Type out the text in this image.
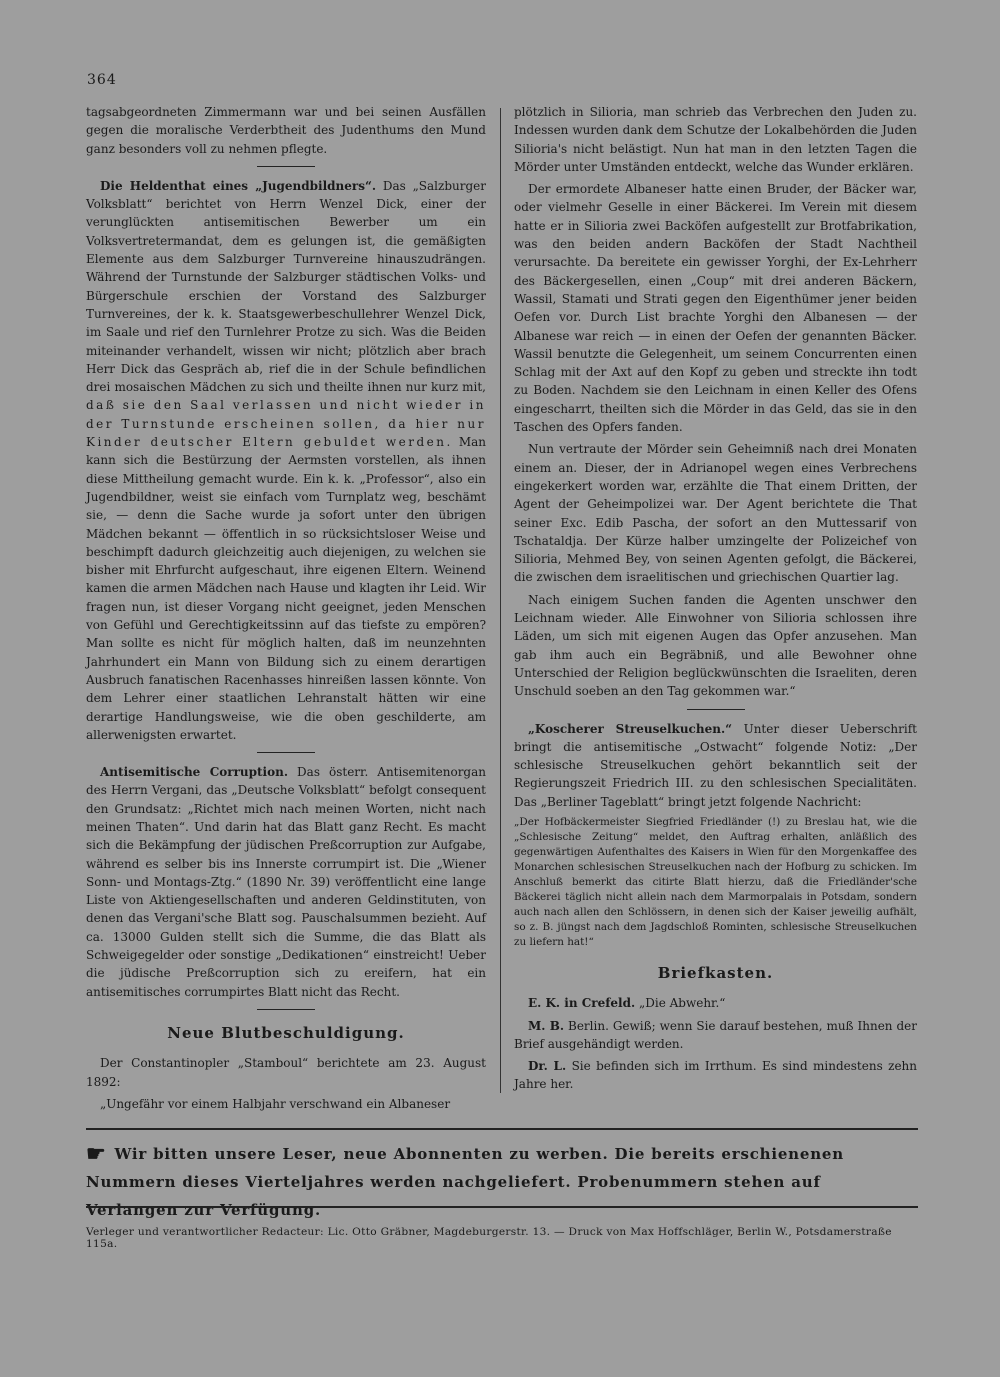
364

tagsabgeordneten Zimmermann war und bei seinen Ausfällen gegen die moralische Verderbtheit des Judenthums den Mund ganz besonders voll zu nehmen pflegte.

Die Heldenthat eines „Jugendbildners“. Das „Salzburger Volksblatt“ berichtet von Herrn Wenzel Dick, einer der verunglückten antisemitischen Bewerber um ein Volksvertretermandat, dem es gelungen ist, die gemäßigten Elemente aus dem Salzburger Turnvereine hinauszudrängen. Während der Turnstunde der Salzburger städtischen Volks- und Bürgerschule erschien der Vorstand des Salzburger Turnvereines, der k. k. Staatsgewerbeschullehrer Wenzel Dick, im Saale und rief den Turnlehrer Protze zu sich. Was die Beiden miteinander verhandelt, wissen wir nicht; plötzlich aber brach Herr Dick das Gespräch ab, rief die in der Schule befindlichen drei mosaischen Mädchen zu sich und theilte ihnen nur kurz mit, daß sie den Saal verlassen und nicht wieder in der Turnstunde erscheinen sollen, da hier nur Kinder deutscher Eltern gebuldet werden. Man kann sich die Bestürzung der Aermsten vorstellen, als ihnen diese Mittheilung gemacht wurde. Ein k. k. „Professor“, also ein Jugendbildner, weist sie einfach vom Turnplatz weg, beschämt sie, — denn die Sache wurde ja sofort unter den übrigen Mädchen bekannt — öffentlich in so rücksichtsloser Weise und beschimpft dadurch gleichzeitig auch diejenigen, zu welchen sie bisher mit Ehrfurcht aufgeschaut, ihre eigenen Eltern. Weinend kamen die armen Mädchen nach Hause und klagten ihr Leid. Wir fragen nun, ist dieser Vorgang nicht geeignet, jeden Menschen von Gefühl und Gerechtigkeitssinn auf das tiefste zu empören? Man sollte es nicht für möglich halten, daß im neunzehnten Jahrhundert ein Mann von Bildung sich zu einem derartigen Ausbruch fanatischen Racenhasses hinreißen lassen könnte. Von dem Lehrer einer staatlichen Lehranstalt hätten wir eine derartige Handlungsweise, wie die oben geschilderte, am allerwenigsten erwartet.

Antisemitische Corruption. Das österr. Antisemitenorgan des Herrn Vergani, das „Deutsche Volksblatt“ befolgt consequent den Grundsatz: „Richtet mich nach meinen Worten, nicht nach meinen Thaten“. Und darin hat das Blatt ganz Recht. Es macht sich die Bekämpfung der jüdischen Preßcorruption zur Aufgabe, während es selber bis ins Innerste corrumpirt ist. Die „Wiener Sonn- und Montags-Ztg.“ (1890 Nr. 39) veröffentlicht eine lange Liste von Aktiengesellschaften und anderen Geldinstituten, von denen das Vergani'sche Blatt sog. Pauschalsummen bezieht. Auf ca. 13000 Gulden stellt sich die Summe, die das Blatt als Schweigegelder oder sonstige „Dedikationen“ einstreicht! Ueber die jüdische Preßcorruption sich zu ereifern, hat ein antisemitisches corrumpirtes Blatt nicht das Recht.

Neue Blutbeschuldigung.

Der Constantinopler „Stamboul“ berichtete am 23. August 1892:

„Ungefähr vor einem Halbjahr verschwand ein Albaneser

plötzlich in Silioria, man schrieb das Verbrechen den Juden zu. Indessen wurden dank dem Schutze der Lokalbehörden die Juden Silioria's nicht belästigt. Nun hat man in den letzten Tagen die Mörder unter Umständen entdeckt, welche das Wunder erklären.

Der ermordete Albaneser hatte einen Bruder, der Bäcker war, oder vielmehr Geselle in einer Bäckerei. Im Verein mit diesem hatte er in Silioria zwei Backöfen aufgestellt zur Brotfabrikation, was den beiden andern Backöfen der Stadt Nachtheil verursachte. Da bereitete ein gewisser Yorghi, der Ex-Lehrherr des Bäckergesellen, einen „Coup“ mit drei anderen Bäckern, Wassil, Stamati und Strati gegen den Eigenthümer jener beiden Oefen vor. Durch List brachte Yorghi den Albanesen — der Albanese war reich — in einen der Oefen der genannten Bäcker. Wassil benutzte die Gelegenheit, um seinem Concurrenten einen Schlag mit der Axt auf den Kopf zu geben und streckte ihn todt zu Boden. Nachdem sie den Leichnam in einen Keller des Ofens eingescharrt, theilten sich die Mörder in das Geld, das sie in den Taschen des Opfers fanden.

Nun vertraute der Mörder sein Geheimniß nach drei Monaten einem an. Dieser, der in Adrianopel wegen eines Verbrechens eingekerkert worden war, erzählte die That einem Dritten, der Agent der Geheimpolizei war. Der Agent berichtete die That seiner Exc. Edib Pascha, der sofort an den Muttessarif von Tschataldja. Der Kürze halber umzingelte der Polizeichef von Silioria, Mehmed Bey, von seinen Agenten gefolgt, die Bäckerei, die zwischen dem israelitischen und griechischen Quartier lag.

Nach einigem Suchen fanden die Agenten unschwer den Leichnam wieder. Alle Einwohner von Silioria schlossen ihre Läden, um sich mit eigenen Augen das Opfer anzusehen. Man gab ihm auch ein Begräbniß, und alle Bewohner ohne Unterschied der Religion beglückwünschten die Israeliten, deren Unschuld soeben an den Tag gekommen war.“

„Koscherer Streuselkuchen.“ Unter dieser Ueberschrift bringt die antisemitische „Ostwacht“ folgende Notiz: „Der schlesische Streuselkuchen gehört bekanntlich seit der Regierungszeit Friedrich III. zu den schlesischen Specialitäten. Das „Berliner Tageblatt“ bringt jetzt folgende Nachricht:

„Der Hofbäckermeister Siegfried Friedländer (!) zu Breslau hat, wie die „Schlesische Zeitung“ meldet, den Auftrag erhalten, anläßlich des gegenwärtigen Aufenthaltes des Kaisers in Wien für den Morgenkaffee des Monarchen schlesischen Streuselkuchen nach der Hofburg zu schicken. Im Anschluß bemerkt das citirte Blatt hierzu, daß die Friedländer'sche Bäckerei täglich nicht allein nach dem Marmorpalais in Potsdam, sondern auch nach allen den Schlössern, in denen sich der Kaiser jeweilig aufhält, so z. B. jüngst nach dem Jagdschloß Rominten, schlesische Streuselkuchen zu liefern hat!“

Briefkasten.

E. K. in Crefeld. „Die Abwehr.“

M. B. Berlin. Gewiß; wenn Sie darauf bestehen, muß Ihnen der Brief ausgehändigt werden.

Dr. L. Sie befinden sich im Irrthum. Es sind mindestens zehn Jahre her.

☛ Wir bitten unsere Leser, neue Abonnenten zu werben. Die bereits erschienenen Nummern dieses Vierteljahres werden nachgeliefert. Probenummern stehen auf Verlangen zur Verfügung.
Verleger und verantwortlicher Redacteur: Lic. Otto Gräbner, Magdeburgerstr. 13. — Druck von Max Hoffschläger, Berlin W., Potsdamerstraße 115a.
